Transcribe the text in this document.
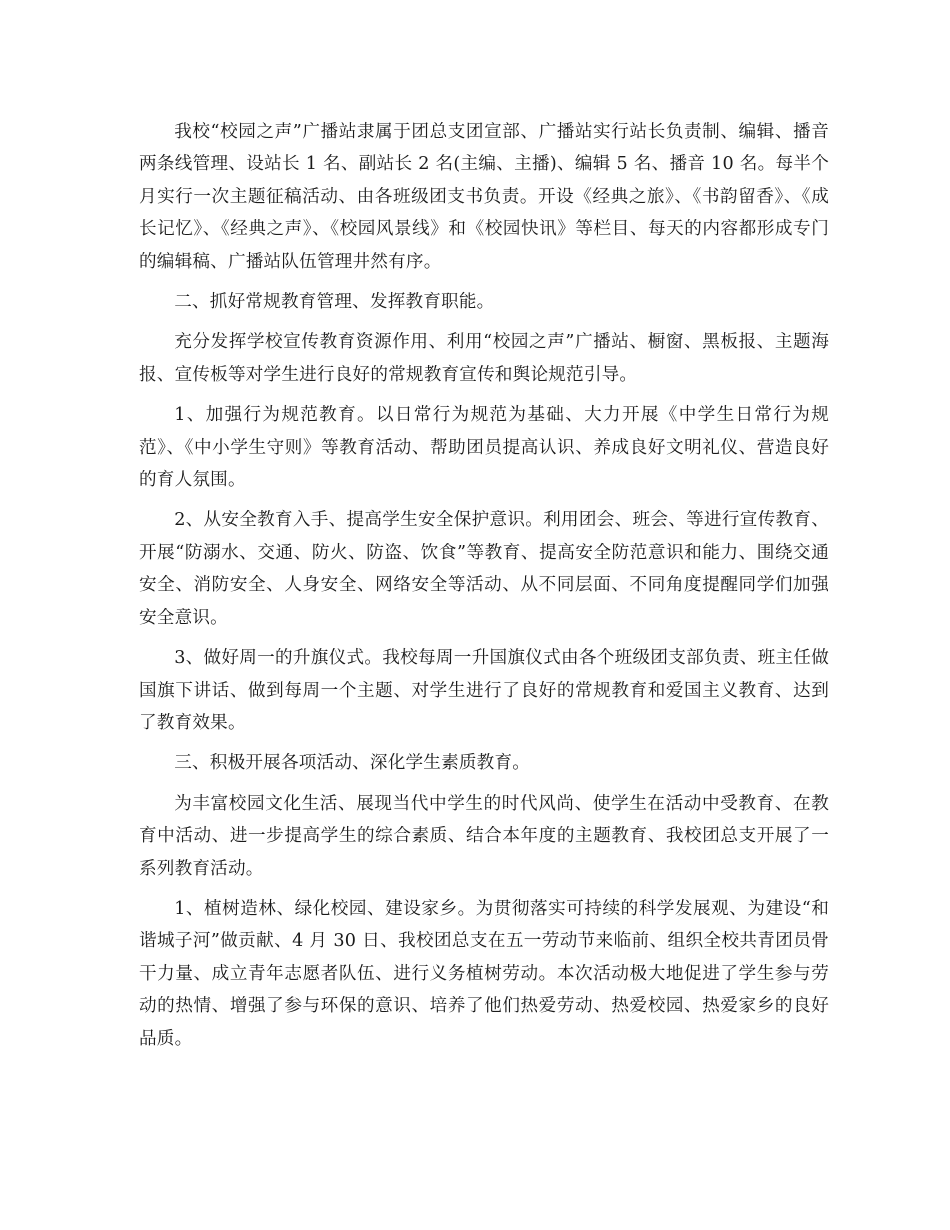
我校“校园之声”广播站隶属于团总支团宣部、广播站实行站长负责制、编辑、播音两条线管理、设站长 1 名、副站长 2 名(主编、主播)、编辑 5 名、播音 10 名。每半个月实行一次主题征稿活动、由各班级团支书负责。开设《经典之旅》、《书韵留香》、《成长记忆》、《经典之声》、《校园风景线》和《校园快讯》等栏目、每天的内容都形成专门的编辑稿、广播站队伍管理井然有序。

二、抓好常规教育管理、发挥教育职能。

充分发挥学校宣传教育资源作用、利用“校园之声”广播站、橱窗、黑板报、主题海报、宣传板等对学生进行良好的常规教育宣传和舆论规范引导。

1、加强行为规范教育。以日常行为规范为基础、大力开展《中学生日常行为规范》、《中小学生守则》等教育活动、帮助团员提高认识、养成良好文明礼仪、营造良好的育人氛围。

2、从安全教育入手、提高学生安全保护意识。利用团会、班会、等进行宣传教育、开展“防溺水、交通、防火、防盗、饮食”等教育、提高安全防范意识和能力、围绕交通安全、消防安全、人身安全、网络安全等活动、从不同层面、不同角度提醒同学们加强安全意识。

3、做好周一的升旗仪式。我校每周一升国旗仪式由各个班级团支部负责、班主任做国旗下讲话、做到每周一个主题、对学生进行了良好的常规教育和爱国主义教育、达到了教育效果。

三、积极开展各项活动、深化学生素质教育。

为丰富校园文化生活、展现当代中学生的时代风尚、使学生在活动中受教育、在教育中活动、进一步提高学生的综合素质、结合本年度的主题教育、我校团总支开展了一系列教育活动。

1、植树造林、绿化校园、建设家乡。为贯彻落实可持续的科学发展观、为建设“和谐城子河”做贡献、4 月 30 日、我校团总支在五一劳动节来临前、组织全校共青团员骨干力量、成立青年志愿者队伍、进行义务植树劳动。本次活动极大地促进了学生参与劳动的热情、增强了参与环保的意识、培养了他们热爱劳动、热爱校园、热爱家乡的良好品质。
